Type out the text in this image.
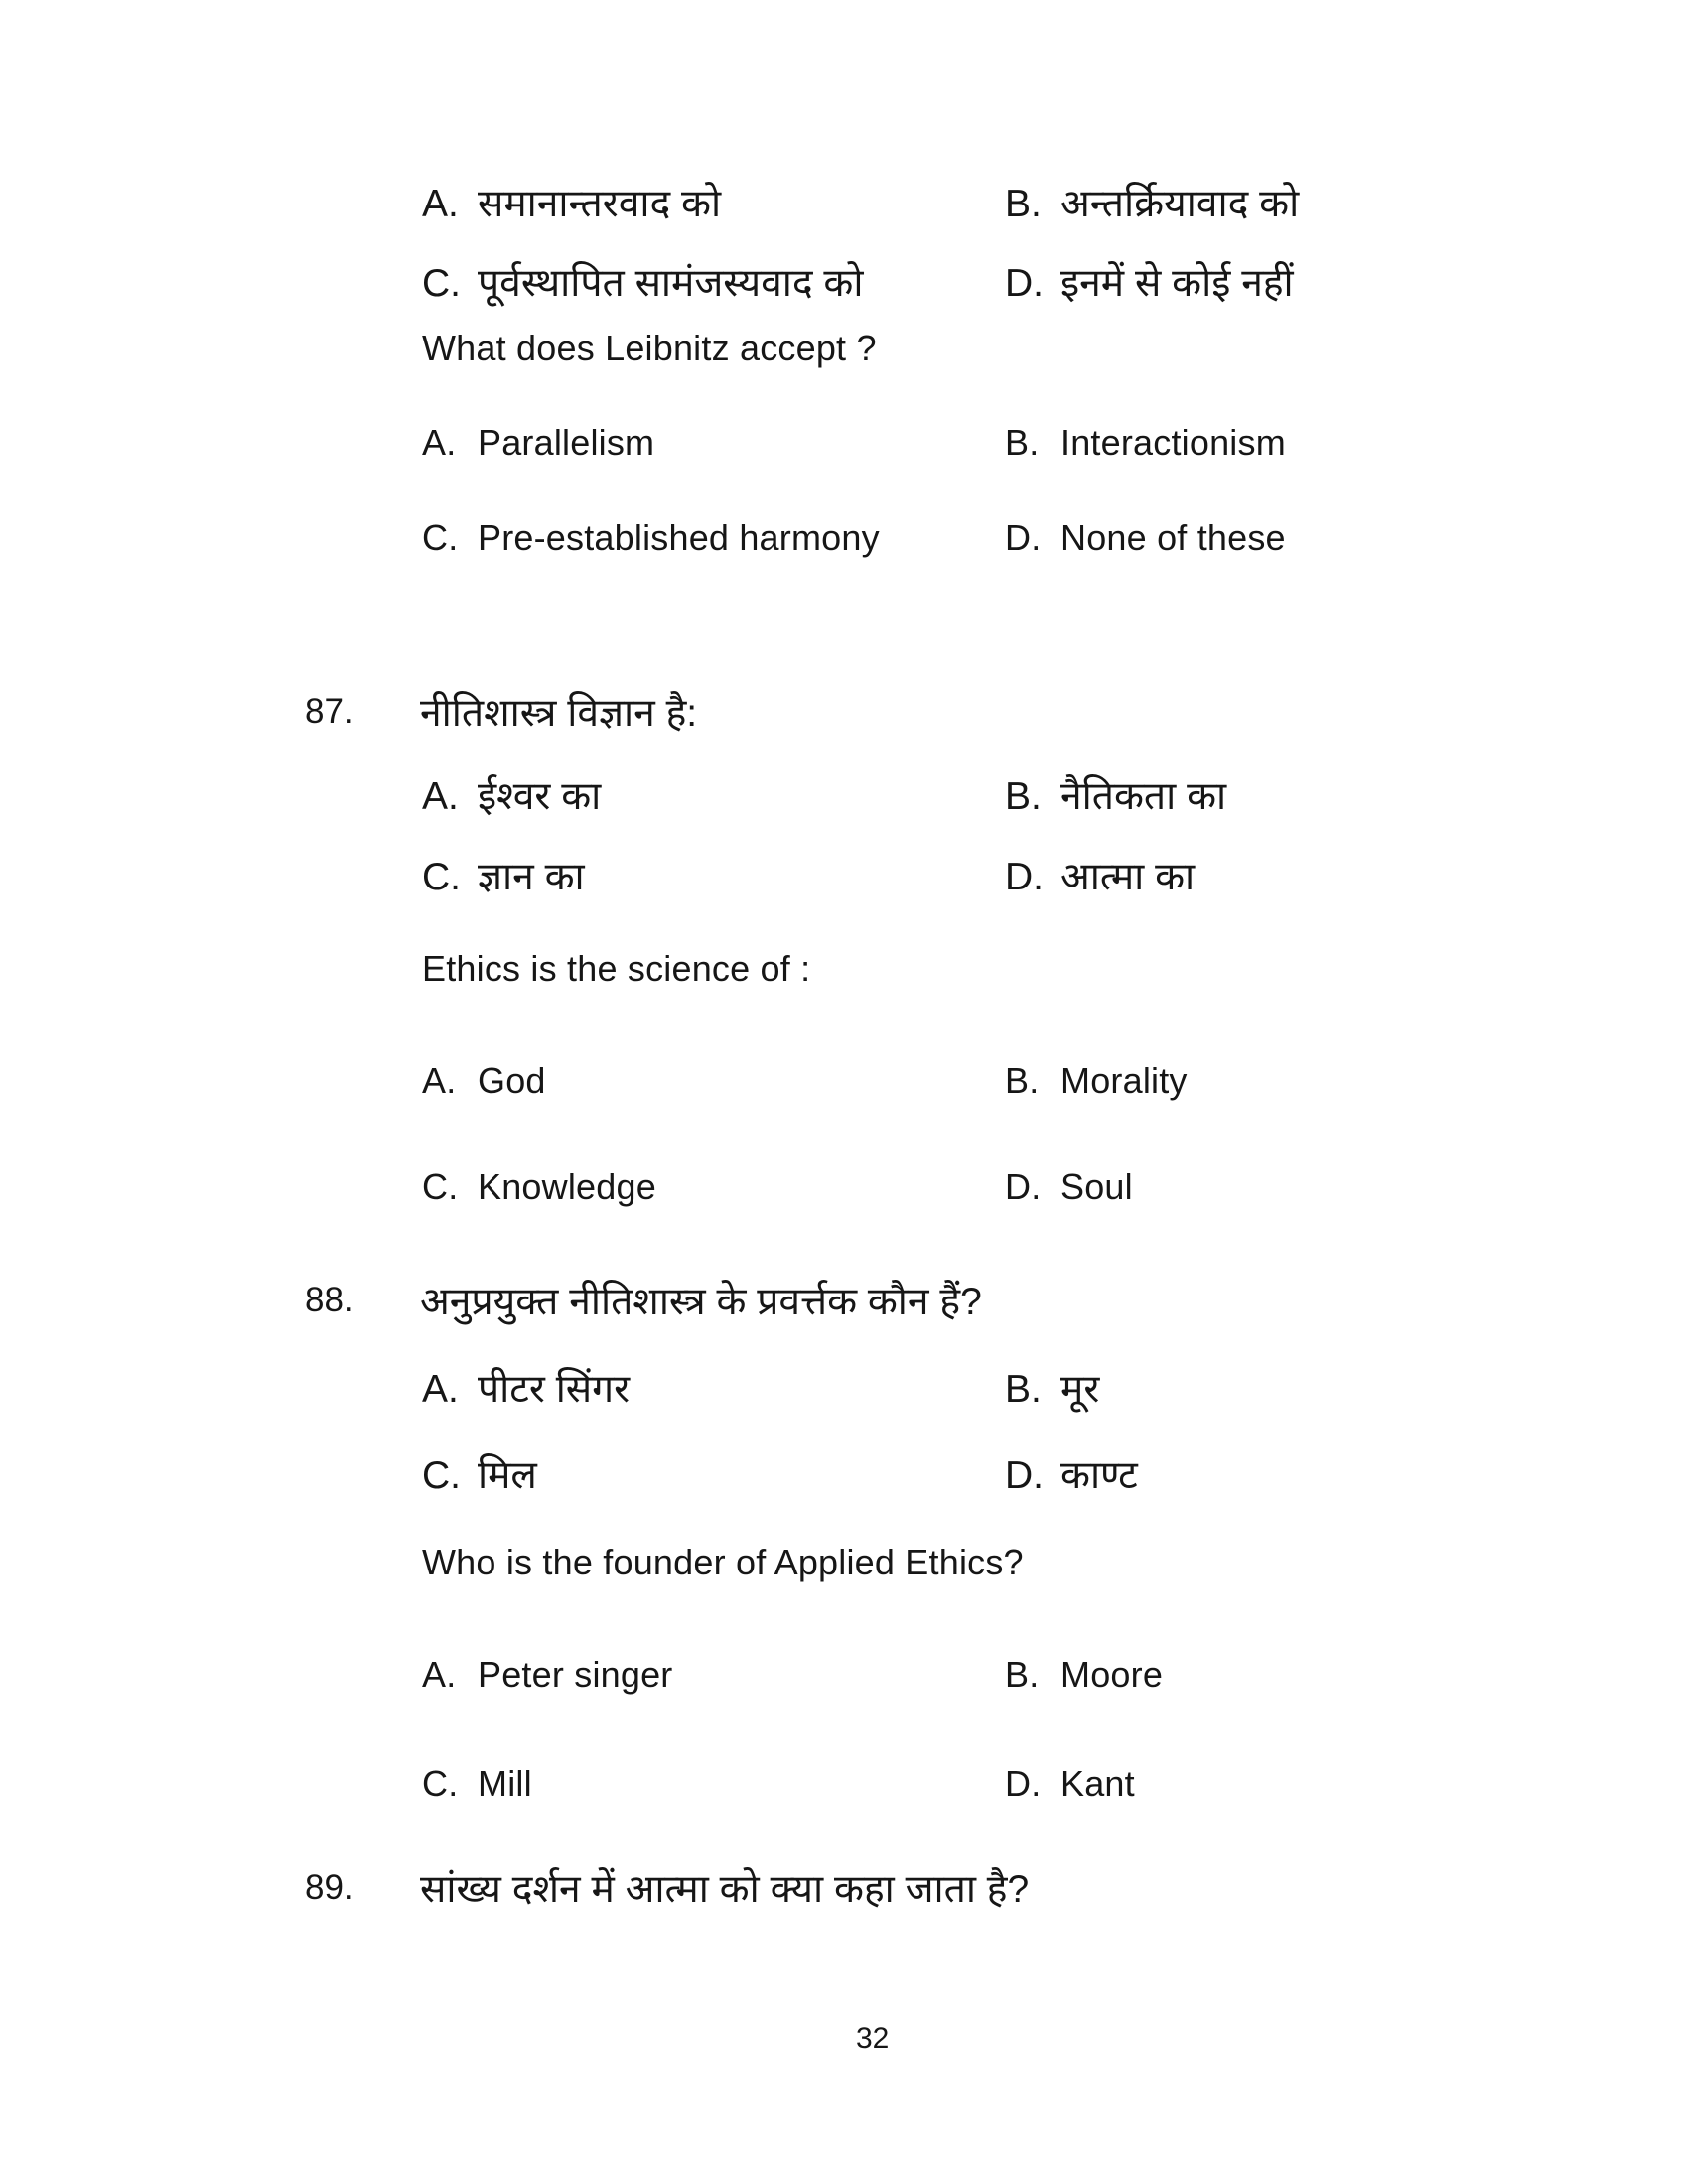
A. समानान्तरवाद को	B. अन्तर्क्रियावाद को
C. पूर्वस्थापित सामंजस्यवाद को	D. इनमें से कोई नहीं
What does Leibnitz accept ?
A. Parallelism	B. Interactionism
C. Pre-established harmony	D. None of these
87. नीतिशास्त्र विज्ञान है:
A. ईश्वर का	B. नैतिकता का
C. ज्ञान का	D. आत्मा का
Ethics is the science of :
A. God	B. Morality
C. Knowledge	D. Soul
88. अनुप्रयुक्त नीतिशास्त्र के प्रवर्त्तक कौन हैं?
A. पीटर सिंगर	B. मूर
C. मिल	D. काण्ट
Who is the founder of Applied Ethics?
A. Peter singer	B. Moore
C. Mill	D. Kant
89. सांख्य दर्शन में आत्मा को क्या कहा जाता है?
32
